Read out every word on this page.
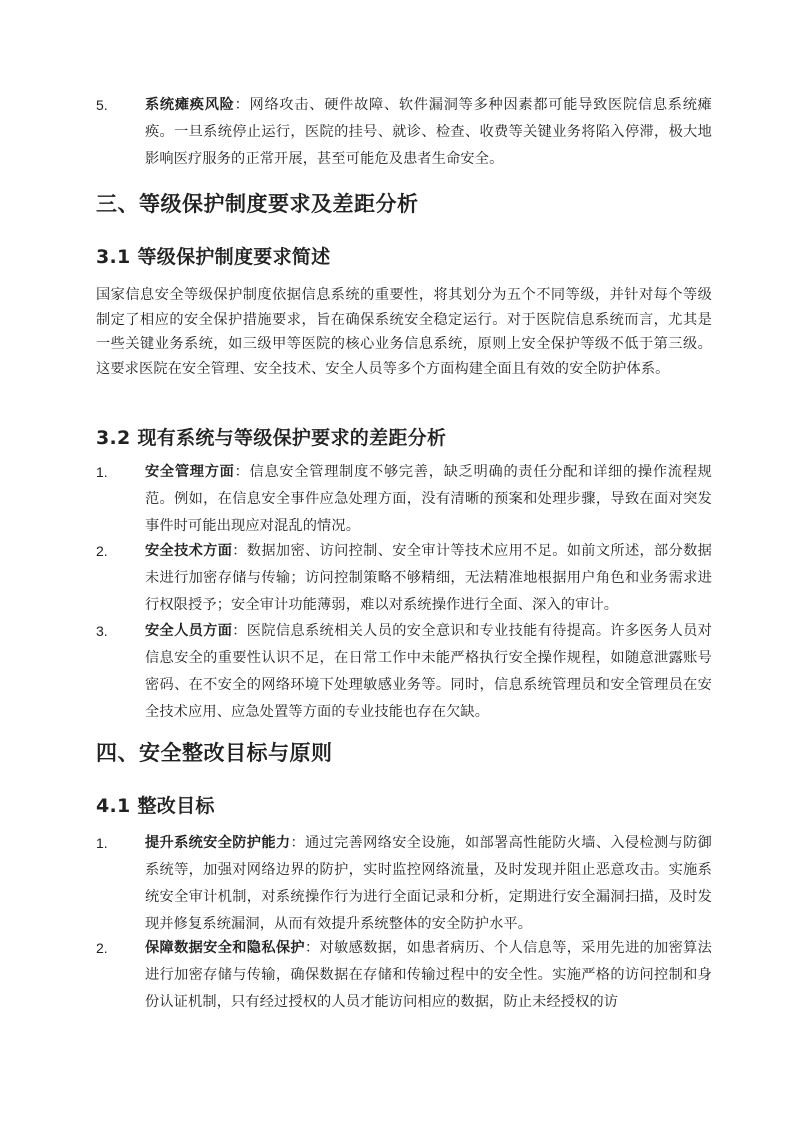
5.	系统瘫痪风险：网络攻击、硬件故障、软件漏洞等多种因素都可能导致医院信息系统瘫痪。一旦系统停止运行，医院的挂号、就诊、检查、收费等关键业务将陷入停滞，极大地影响医疗服务的正常开展，甚至可能危及患者生命安全。
三、等级保护制度要求及差距分析
3.1 等级保护制度要求简述
国家信息安全等级保护制度依据信息系统的重要性，将其划分为五个不同等级，并针对每个等级制定了相应的安全保护措施要求，旨在确保系统安全稳定运行。对于医院信息系统而言，尤其是一些关键业务系统，如三级甲等医院的核心业务信息系统，原则上安全保护等级不低于第三级。这要求医院在安全管理、安全技术、安全人员等多个方面构建全面且有效的安全防护体系。
3.2 现有系统与等级保护要求的差距分析
1.	安全管理方面：信息安全管理制度不够完善，缺乏明确的责任分配和详细的操作流程规范。例如，在信息安全事件应急处理方面，没有清晰的预案和处理步骤，导致在面对突发事件时可能出现应对混乱的情况。
2.	安全技术方面：数据加密、访问控制、安全审计等技术应用不足。如前文所述，部分数据未进行加密存储与传输；访问控制策略不够精细，无法精准地根据用户角色和业务需求进行权限授予；安全审计功能薄弱，难以对系统操作进行全面、深入的审计。
3.	安全人员方面：医院信息系统相关人员的安全意识和专业技能有待提高。许多医务人员对信息安全的重要性认识不足，在日常工作中未能严格执行安全操作规程，如随意泄露账号密码、在不安全的网络环境下处理敏感业务等。同时，信息系统管理员和安全管理员在安全技术应用、应急处置等方面的专业技能也存在欠缺。
四、安全整改目标与原则
4.1 整改目标
1.	提升系统安全防护能力：通过完善网络安全设施，如部署高性能防火墙、入侵检测与防御系统等，加强对网络边界的防护，实时监控网络流量，及时发现并阻止恶意攻击。实施系统安全审计机制，对系统操作行为进行全面记录和分析，定期进行安全漏洞扫描，及时发现并修复系统漏洞，从而有效提升系统整体的安全防护水平。
2.	保障数据安全和隐私保护：对敏感数据，如患者病历、个人信息等，采用先进的加密算法进行加密存储与传输，确保数据在存储和传输过程中的安全性。实施严格的访问控制和身份认证机制，只有经过授权的人员才能访问相应的数据，防止未经授权的访
